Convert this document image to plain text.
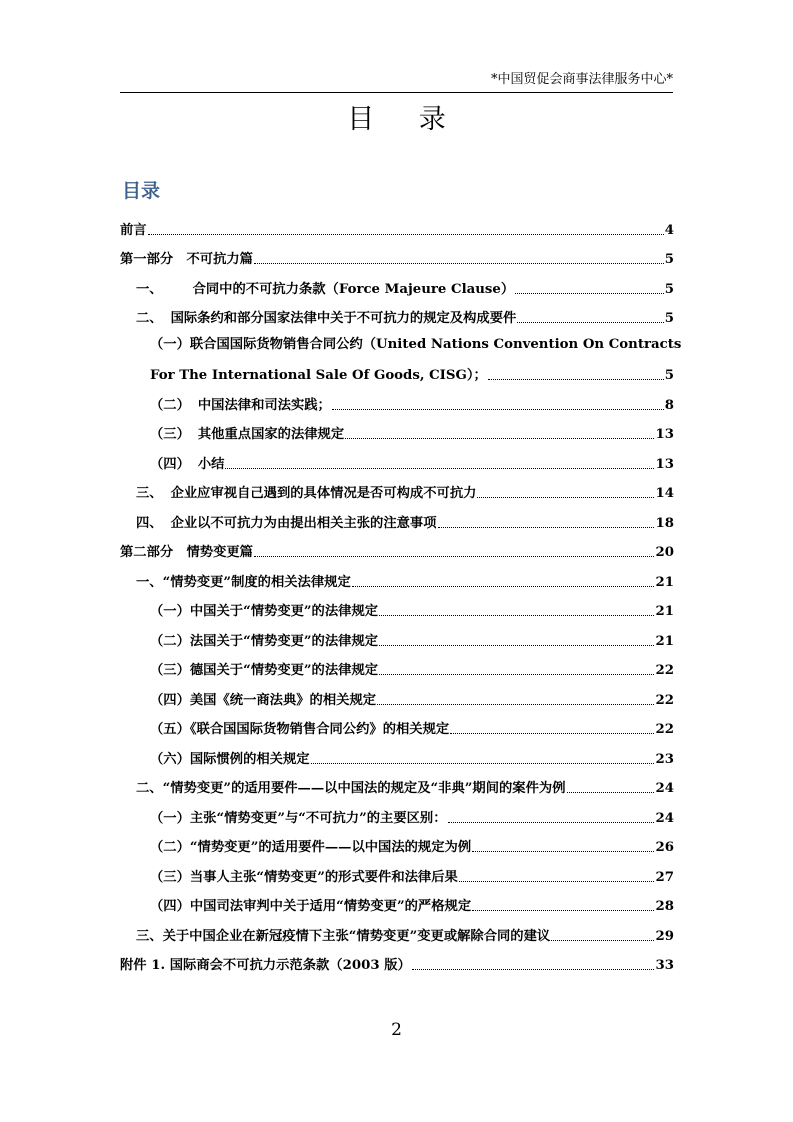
*中国贸促会商事法律服务中心*
目 录
目录
前言	4
第一部分　不可抗力篇	5
一、 合同中的不可抗力条款（Force Majeure Clause）	5
二、 国际条约和部分国家法律中关于不可抗力的规定及构成要件	5
（一） 联合国国际货物销售合同公约（United Nations Convention On Contracts
For The International Sale Of Goods, CISG）；	5
（二） 中国法律和司法实践；	8
（三） 其他重点国家的法律规定	13
（四） 小结	13
三、 企业应审视自己遇到的具体情况是否可构成不可抗力	14
四、 企业以不可抗力为由提出相关主张的注意事项	18
第二部分　情势变更篇	20
一、“情势变更”制度的相关法律规定	21
（一）中国关于“情势变更”的法律规定	21
（二）法国关于“情势变更”的法律规定	21
（三）德国关于“情势变更”的法律规定	22
（四）美国《统一商法典》的相关规定	22
（五）《联合国国际货物销售合同公约》的相关规定	22
（六）国际惯例的相关规定	23
二、“情势变更”的适用要件——以中国法的规定及“非典”期间的案件为例	24
（一）主张“情势变更”与“不可抗力”的主要区别：	24
（二）“情势变更”的适用要件——以中国法的规定为例	26
（三）当事人主张“情势变更”的形式要件和法律后果	27
（四）中国司法审判中关于适用“情势变更”的严格规定	28
三、关于中国企业在新冠疫情下主张“情势变更”变更或解除合同的建议	29
附件 1. 国际商会不可抗力示范条款（2003 版）	33
2
